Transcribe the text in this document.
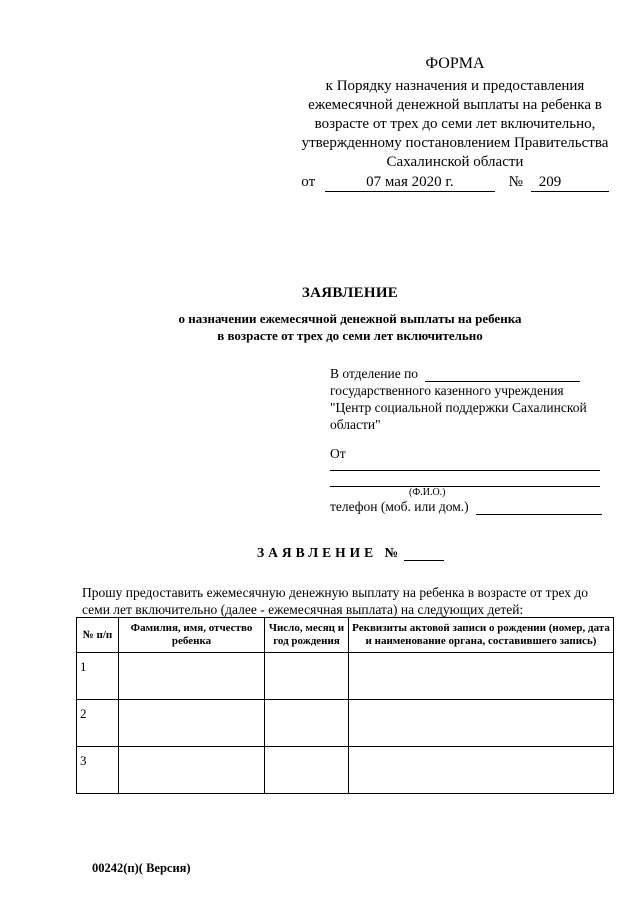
ФОРМА
к Порядку назначения и предоставления
ежемесячной денежной выплаты на ребенка в
возрасте от трех до семи лет включительно,
утвержденному постановлением Правительства
Сахалинской области
от	07 мая 2020 г.	№ 209
ЗАЯВЛЕНИЕ
о назначении ежемесячной денежной выплаты на ребенка
в возрасте от трех до семи лет включительно
В отделение по
государственного казенного учреждения
"Центр социальной поддержки Сахалинской
области"
От
(Ф.И.О.)
телефон (моб. или дом.)
ЗАЯВЛЕНИЕ №
Прошу предоставить ежемесячную денежную выплату на ребенка в возрасте от трех до семи лет включительно (далее - ежемесячная выплата) на следующих детей:
№ п/п	Фамилия, имя, отчество ребенка	Число, месяц и год рождения	Реквизиты актовой записи о рождении (номер, дата и наименование органа, составившего запись)
1			
2			
3			
00242(п)( Версия)
